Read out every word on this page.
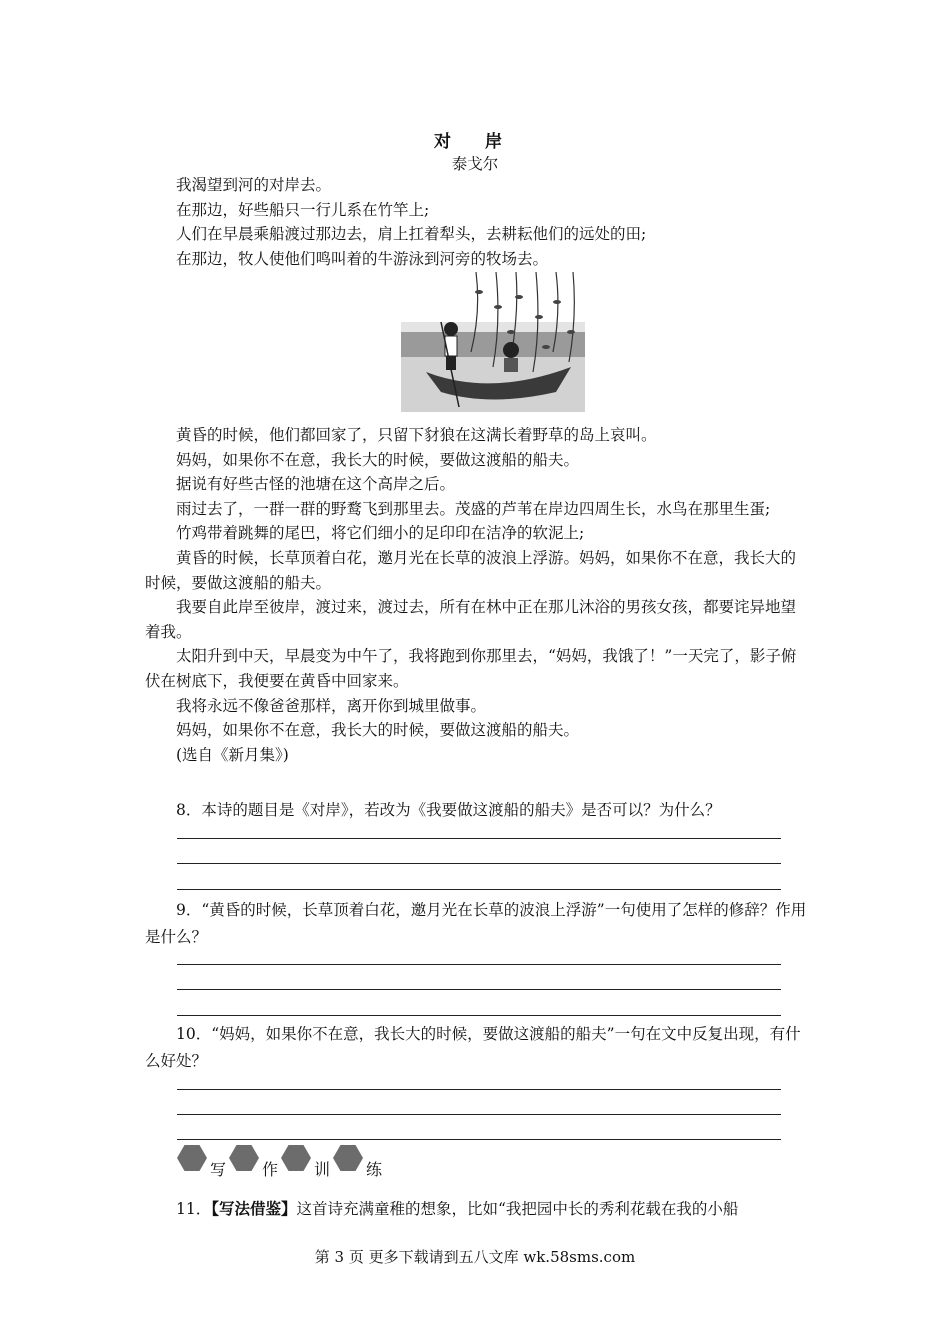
对 岸
泰戈尔

我渴望到河的对岸去。

在那边，好些船只一行儿系在竹竿上;

人们在早晨乘船渡过那边去，肩上扛着犁头，去耕耘他们的远处的田;

在那边，牧人使他们鸣叫着的牛游泳到河旁的牧场去。

黄昏的时候，他们都回家了，只留下豺狼在这满长着野草的岛上哀叫。

妈妈，如果你不在意，我长大的时候，要做这渡船的船夫。

据说有好些古怪的池塘在这个高岸之后。

雨过去了，一群一群的野鹜飞到那里去。茂盛的芦苇在岸边四周生长，水鸟在那里生蛋;

竹鸡带着跳舞的尾巴，将它们细小的足印印在洁净的软泥上;

黄昏的时候，长草顶着白花，邀月光在长草的波浪上浮游。妈妈，如果你不在意，我长大的时候，要做这渡船的船夫。

我要自此岸至彼岸，渡过来，渡过去，所有在林中正在那儿沐浴的男孩女孩，都要诧异地望着我。

太阳升到中天，早晨变为中午了，我将跑到你那里去，“妈妈，我饿了！”一天完了，影子俯伏在树底下，我便要在黄昏中回家来。

我将永远不像爸爸那样，离开你到城里做事。

妈妈，如果你不在意，我长大的时候，要做这渡船的船夫。

(选自《新月集》)

8．本诗的题目是《对岸》，若改为《我要做这渡船的船夫》是否可以？为什么？

9．“黄昏的时候，长草顶着白花，邀月光在长草的波浪上浮游”一句使用了怎样的修辞？作用是什么？

10．“妈妈，如果你不在意，我长大的时候，要做这渡船的船夫”一句在文中反复出现，有什么好处？

写 作 训 练

11．【写法借鉴】这首诗充满童稚的想象，比如“我把园中长的秀利花载在我的小船

第 3 页 更多下载请到五八文库 wk.58sms.com
